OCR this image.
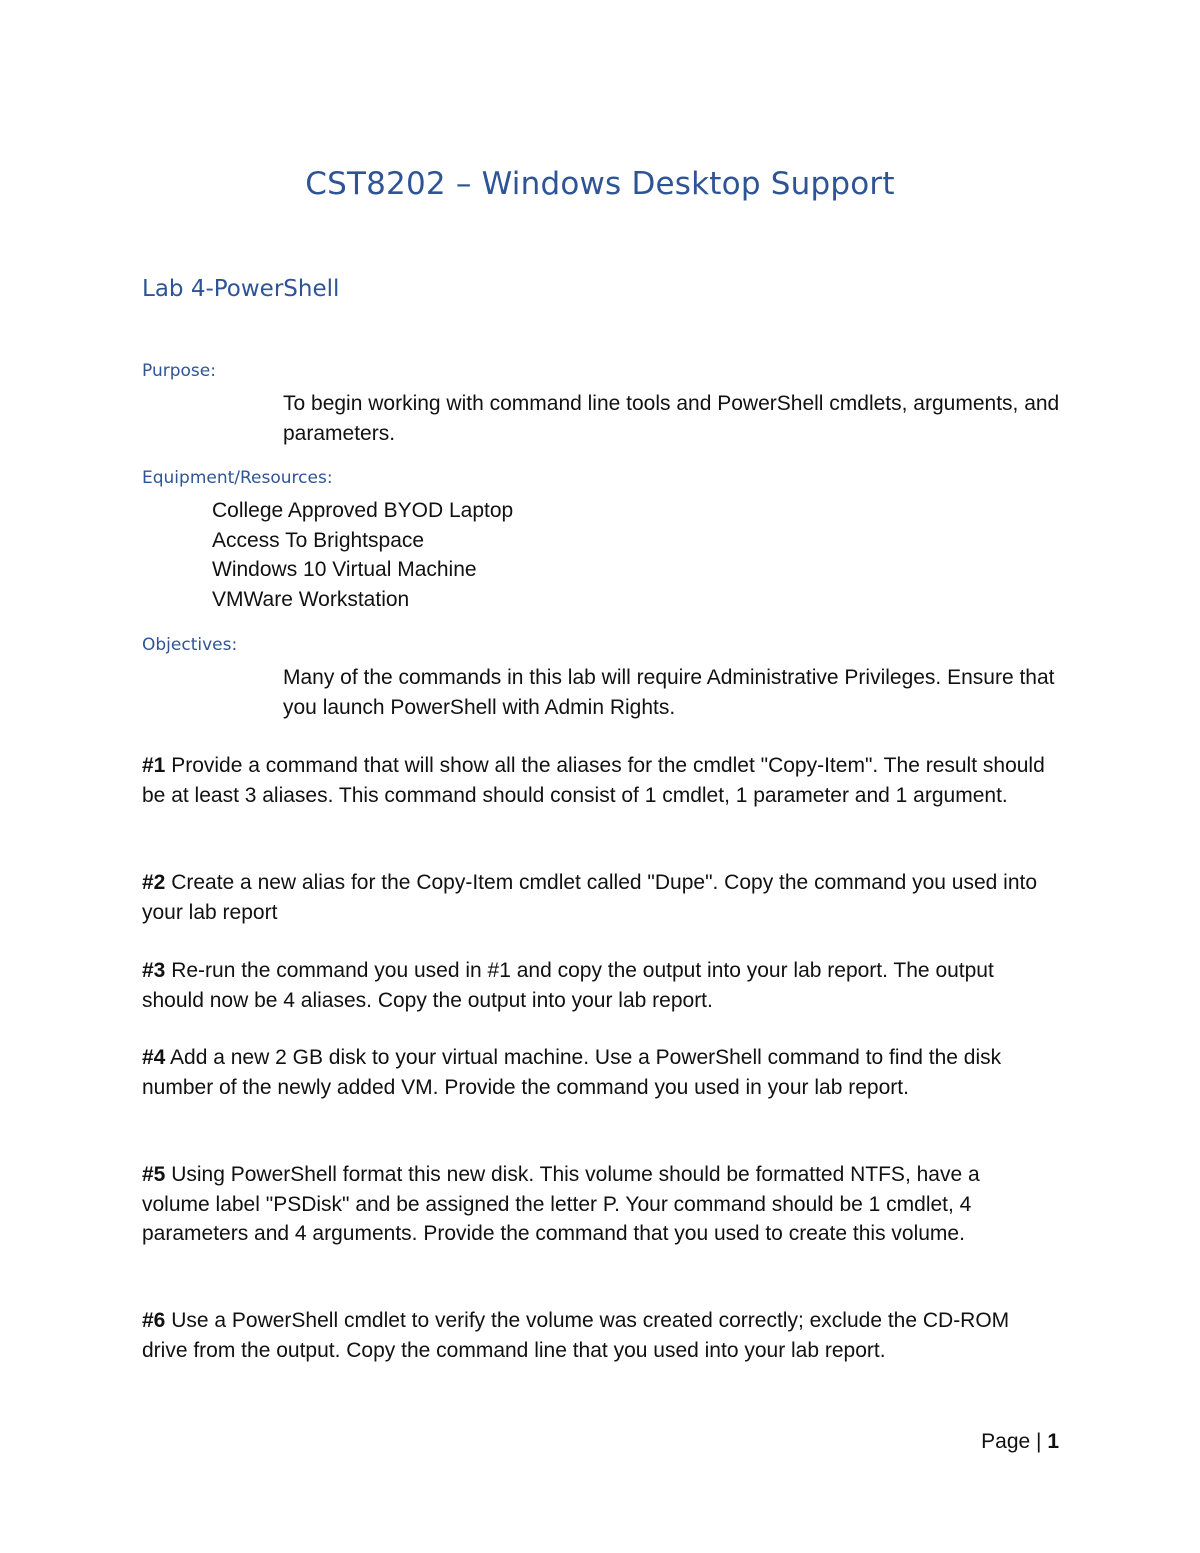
CST8202 – Windows Desktop Support
Lab 4-PowerShell
Purpose:

To begin working with command line tools and PowerShell cmdlets, arguments, and parameters.

Equipment/Resources:
College Approved BYOD Laptop
Access To Brightspace
Windows 10 Virtual Machine
VMWare Workstation
Objectives:

Many of the commands in this lab will require Administrative Privileges. Ensure that you launch PowerShell with Admin Rights.

#1 Provide a command that will show all the aliases for the cmdlet "Copy-Item". The result should be at least 3 aliases. This command should consist of 1 cmdlet, 1 parameter and 1 argument.

#2 Create a new alias for the Copy-Item cmdlet called "Dupe". Copy the command you used into your lab report

#3 Re-run the command you used in #1 and copy the output into your lab report. The output should now be 4 aliases. Copy the output into your lab report.

#4 Add a new 2 GB disk to your virtual machine. Use a PowerShell command to find the disk number of the newly added VM. Provide the command you used in your lab report.

#5 Using PowerShell format this new disk. This volume should be formatted NTFS, have a volume label "PSDisk" and be assigned the letter P. Your command should be 1 cmdlet, 4 parameters and 4 arguments. Provide the command that you used to create this volume.

#6 Use a PowerShell cmdlet to verify the volume was created correctly; exclude the CD-ROM drive from the output. Copy the command line that you used into your lab report.

Page | 1
